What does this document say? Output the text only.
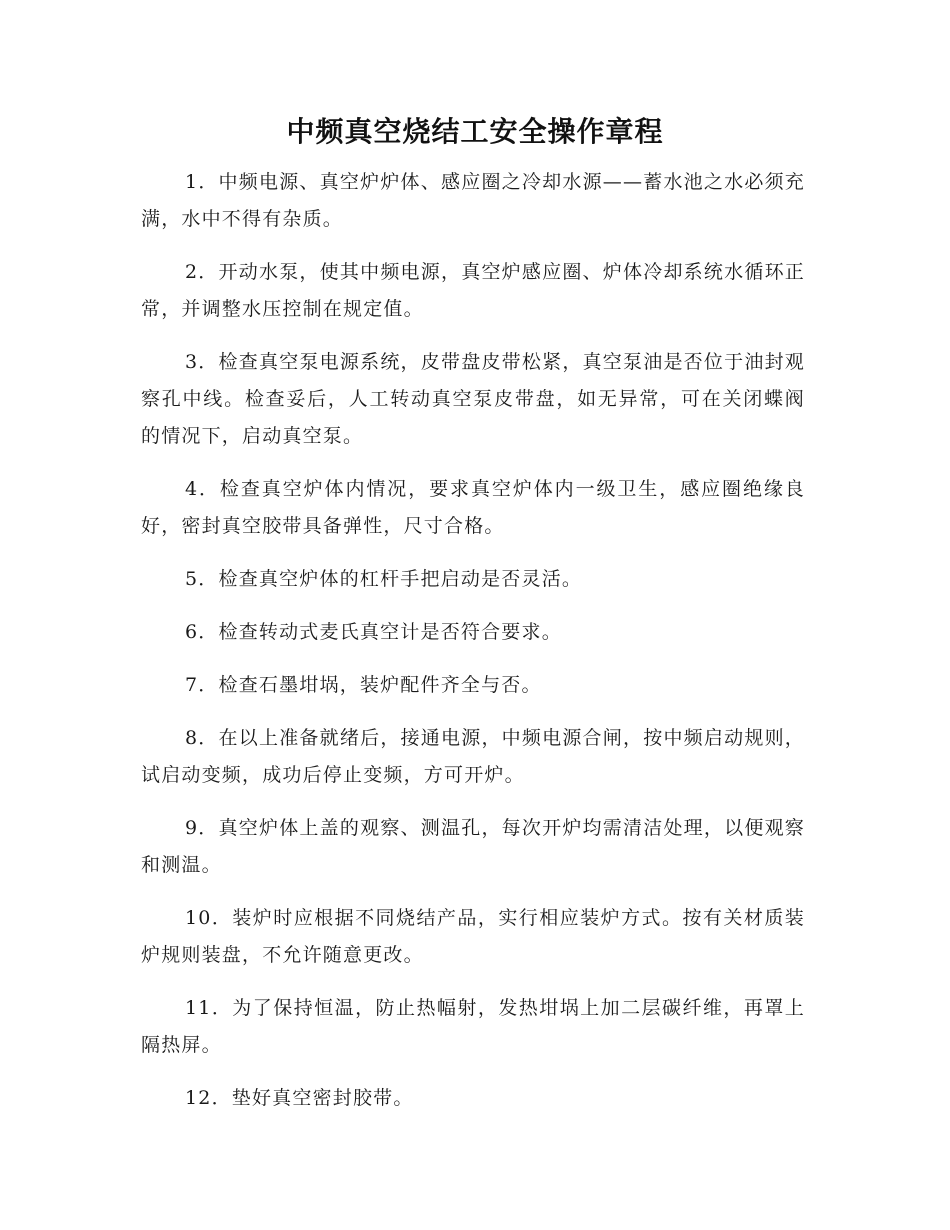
中频真空烧结工安全操作章程

1．中频电源、真空炉炉体、感应圈之冷却水源——蓄水池之水必须充满，水中不得有杂质。

2．开动水泵，使其中频电源，真空炉感应圈、炉体冷却系统水循环正常，并调整水压控制在规定值。

3．检查真空泵电源系统，皮带盘皮带松紧，真空泵油是否位于油封观察孔中线。检查妥后，人工转动真空泵皮带盘，如无异常，可在关闭蝶阀的情况下，启动真空泵。

4．检查真空炉体内情况，要求真空炉体内一级卫生，感应圈绝缘良好，密封真空胶带具备弹性，尺寸合格。

5．检查真空炉体的杠杆手把启动是否灵活。

6．检查转动式麦氏真空计是否符合要求。

7．检查石墨坩埚，装炉配件齐全与否。

8．在以上准备就绪后，接通电源，中频电源合闸，按中频启动规则，试启动变频，成功后停止变频，方可开炉。

9．真空炉体上盖的观察、测温孔，每次开炉均需清洁处理，以便观察和测温。

10．装炉时应根据不同烧结产品，实行相应装炉方式。按有关材质装炉规则装盘，不允许随意更改。

11．为了保持恒温，防止热幅射，发热坩埚上加二层碳纤维，再罩上隔热屏。

12．垫好真空密封胶带。
